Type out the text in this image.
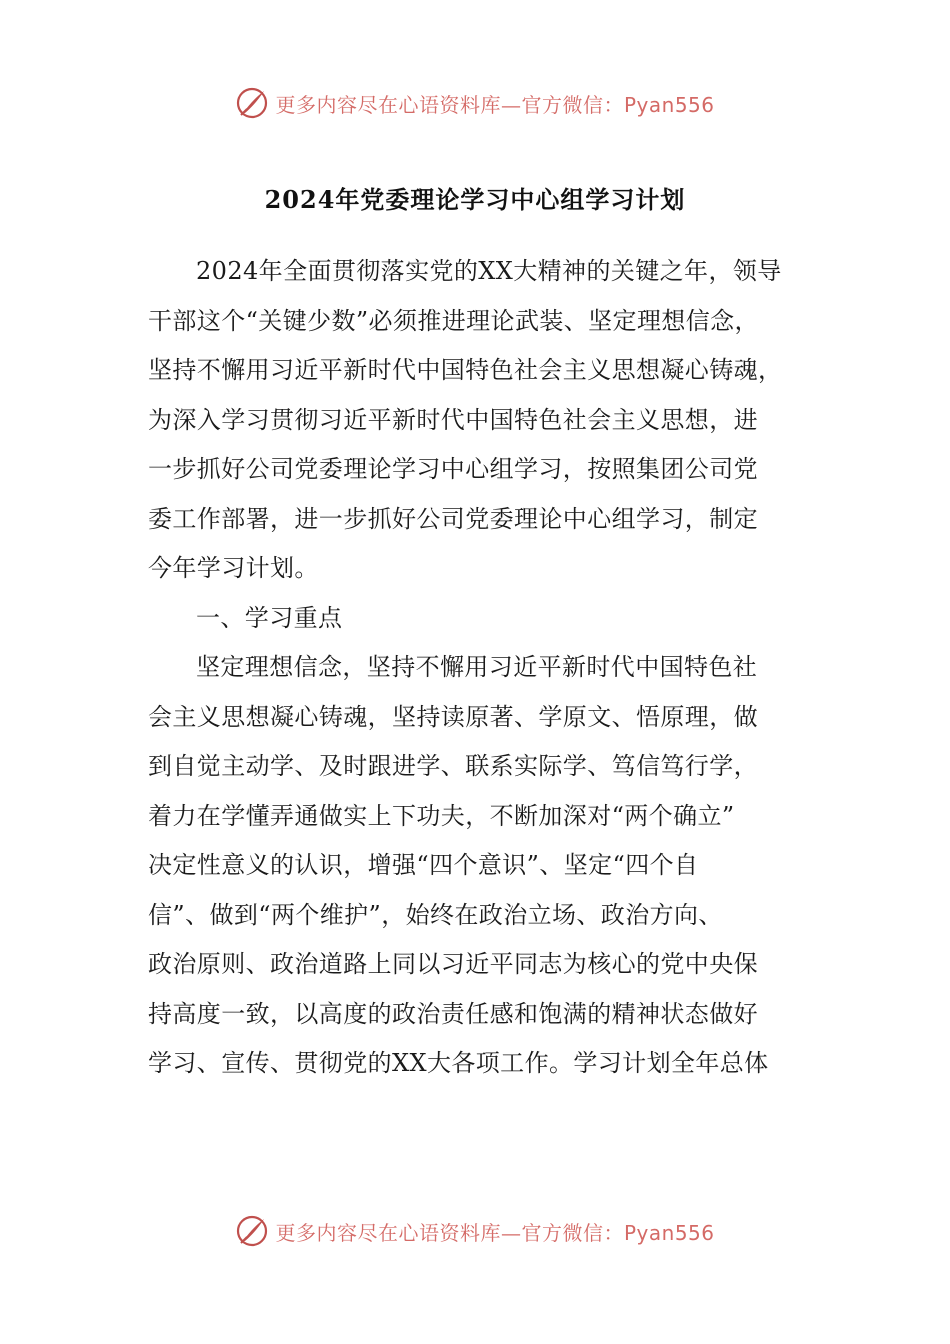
更多内容尽在心语资料库—官方微信：Pyan556
2024年党委理论学习中心组学习计划
2024年全面贯彻落实党的XX大精神的关键之年，领导
干部这个“关键少数”必须推进理论武装、坚定理想信念，
坚持不懈用习近平新时代中国特色社会主义思想凝心铸魂，
为深入学习贯彻习近平新时代中国特色社会主义思想，进
一步抓好公司党委理论学习中心组学习，按照集团公司党
委工作部署，进一步抓好公司党委理论中心组学习，制定
今年学习计划。
一、学习重点
坚定理想信念，坚持不懈用习近平新时代中国特色社
会主义思想凝心铸魂，坚持读原著、学原文、悟原理，做
到自觉主动学、及时跟进学、联系实际学、笃信笃行学，
着力在学懂弄通做实上下功夫，不断加深对“两个确立”
决定性意义的认识，增强“四个意识”、坚定“四个自
信”、做到“两个维护”，始终在政治立场、政治方向、
政治原则、政治道路上同以习近平同志为核心的党中央保
持高度一致，以高度的政治责任感和饱满的精神状态做好
学习、宣传、贯彻党的XX大各项工作。学习计划全年总体
更多内容尽在心语资料库—官方微信：Pyan556
